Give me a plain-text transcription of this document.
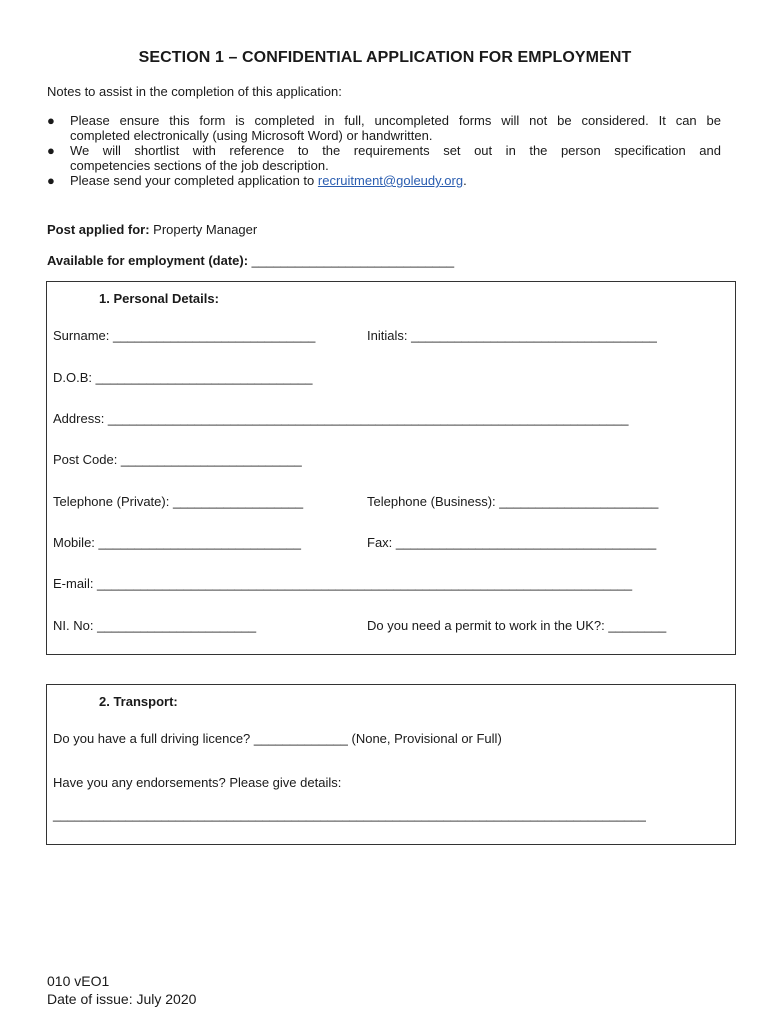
SECTION 1 – CONFIDENTIAL APPLICATION FOR EMPLOYMENT
Notes to assist in the completion of this application:
● Please ensure this form is completed in full, uncompleted forms will not be considered. It can be
completed electronically (using Microsoft Word) or handwritten.
● We will shortlist with reference to the requirements set out in the person specification and
competencies sections of the job description.
● Please send your completed application to recruitment@goleudy.org.
Post applied for: Property Manager
Available for employment (date): ____________________________
1. Personal Details:
Surname: ____________________________	Initials: __________________________________
D.O.B: ______________________________
Address: ________________________________________________________________________
Post Code: _________________________
Telephone (Private): __________________	Telephone (Business): ______________________
Mobile: ____________________________	Fax: ____________________________________
E-mail: __________________________________________________________________________
NI. No: ______________________	Do you need a permit to work in the UK?: ________
2. Transport:
Do you have a full driving licence? _____________ (None, Provisional or Full)
Have you any endorsements? Please give details:
__________________________________________________________________________________
010 vEO1
Date of issue: July 2020
